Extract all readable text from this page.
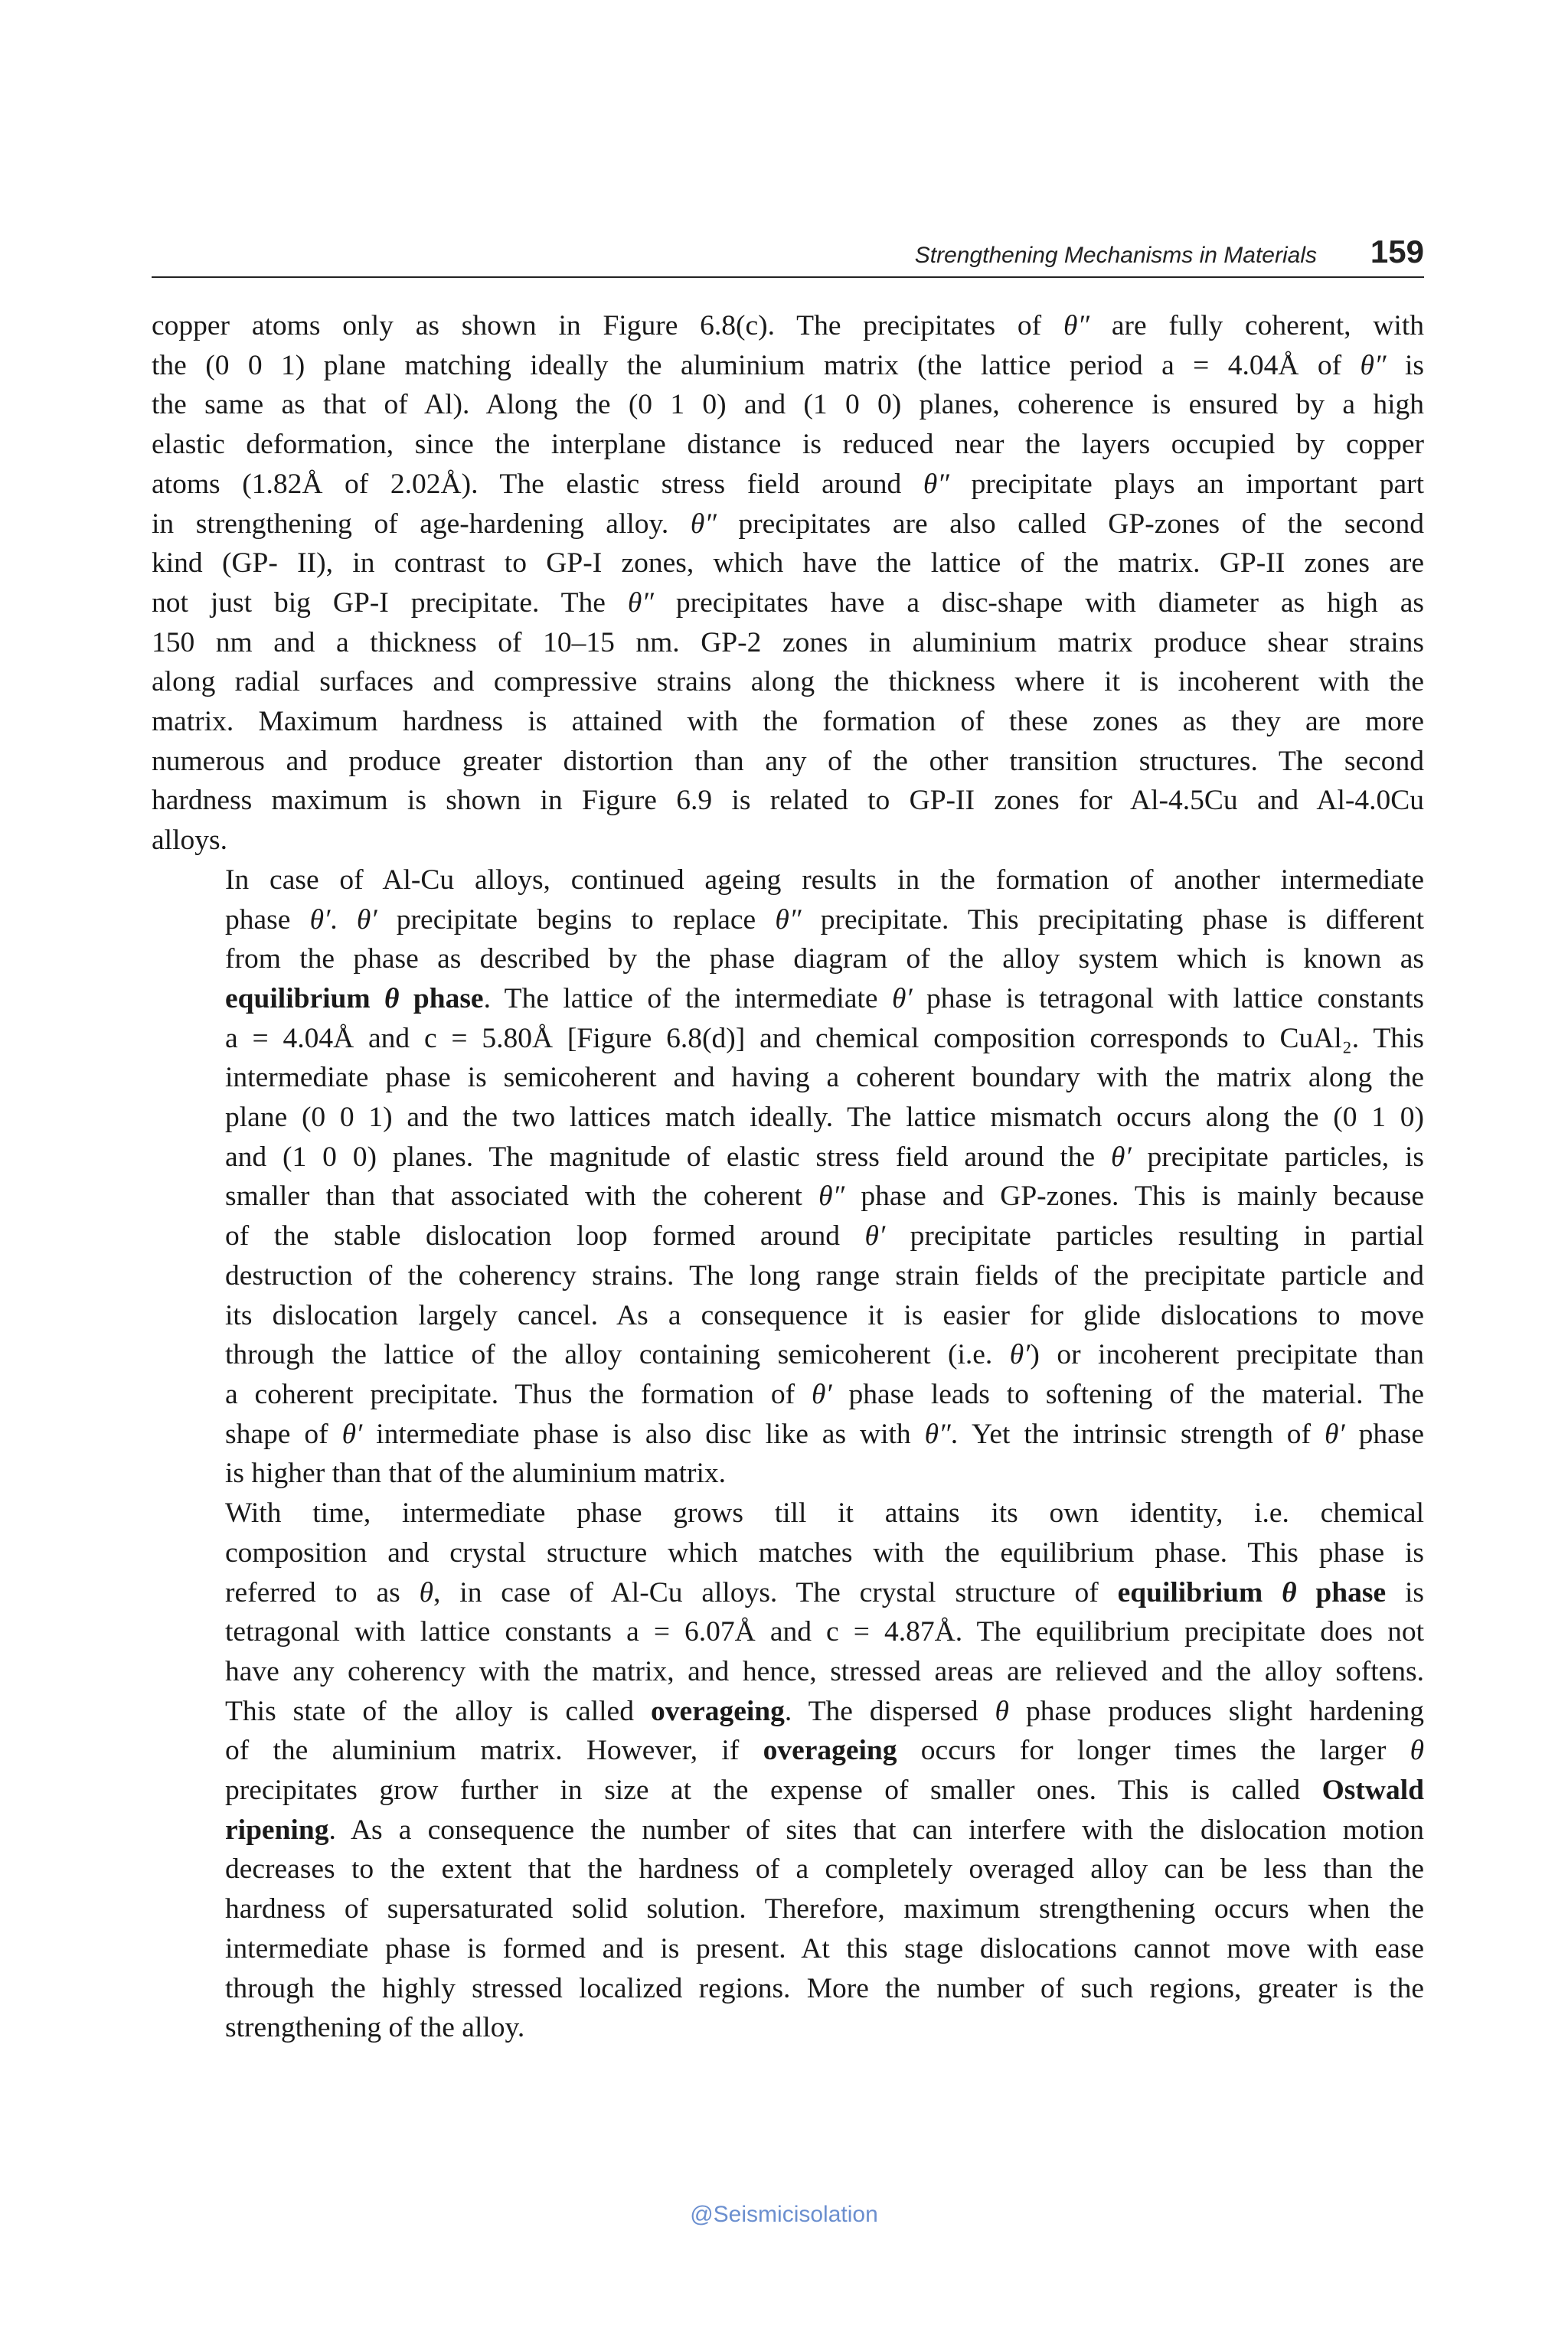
Strengthening Mechanisms in Materials 159

copper atoms only as shown in Figure 6.8(c). The precipitates of θ″ are fully coherent, with
the (0 0 1) plane matching ideally the aluminium matrix (the lattice period a = 4.04Å of θ″ is
the same as that of Al). Along the (0 1 0) and (1 0 0) planes, coherence is ensured by a high
elastic deformation, since the interplane distance is reduced near the layers occupied by copper
atoms (1.82Å of 2.02Å). The elastic stress field around θ″ precipitate plays an important part
in strengthening of age-hardening alloy. θ″ precipitates are also called GP-zones of the second
kind (GP- II), in contrast to GP-I zones, which have the lattice of the matrix. GP-II zones are
not just big GP-I precipitate. The θ″ precipitates have a disc-shape with diameter as high as
150 nm and a thickness of 10–15 nm. GP-2 zones in aluminium matrix produce shear strains
along radial surfaces and compressive strains along the thickness where it is incoherent with the
matrix. Maximum hardness is attained with the formation of these zones as they are more
numerous and produce greater distortion than any of the other transition structures. The second
hardness maximum is shown in Figure 6.9 is related to GP-II zones for Al-4.5Cu and Al-4.0Cu
alloys.

In case of Al-Cu alloys, continued ageing results in the formation of another intermediate
phase θ′. θ′ precipitate begins to replace θ″ precipitate. This precipitating phase is different
from the phase as described by the phase diagram of the alloy system which is known as
equilibrium θ phase. The lattice of the intermediate θ′ phase is tetragonal with lattice constants
a = 4.04Å and c = 5.80Å [Figure 6.8(d)] and chemical composition corresponds to CuAl₂. This
intermediate phase is semicoherent and having a coherent boundary with the matrix along the
plane (0 0 1) and the two lattices match ideally. The lattice mismatch occurs along the (0 1 0)
and (1 0 0) planes. The magnitude of elastic stress field around the θ′ precipitate particles, is
smaller than that associated with the coherent θ″ phase and GP-zones. This is mainly because
of the stable dislocation loop formed around θ′ precipitate particles resulting in partial
destruction of the coherency strains. The long range strain fields of the precipitate particle and
its dislocation largely cancel. As a consequence it is easier for glide dislocations to move
through the lattice of the alloy containing semicoherent (i.e. θ′) or incoherent precipitate than
a coherent precipitate. Thus the formation of θ′ phase leads to softening of the material. The
shape of θ′ intermediate phase is also disc like as with θ″. Yet the intrinsic strength of θ′ phase
is higher than that of the aluminium matrix.

With time, intermediate phase grows till it attains its own identity, i.e. chemical
composition and crystal structure which matches with the equilibrium phase. This phase is
referred to as θ, in case of Al-Cu alloys. The crystal structure of equilibrium θ phase is
tetragonal with lattice constants a = 6.07Å and c = 4.87Å. The equilibrium precipitate does not
have any coherency with the matrix, and hence, stressed areas are relieved and the alloy softens.
This state of the alloy is called overageing. The dispersed θ phase produces slight hardening
of the aluminium matrix. However, if overageing occurs for longer times the larger θ
precipitates grow further in size at the expense of smaller ones. This is called Ostwald
ripening. As a consequence the number of sites that can interfere with the dislocation motion
decreases to the extent that the hardness of a completely overaged alloy can be less than the
hardness of supersaturated solid solution. Therefore, maximum strengthening occurs when the
intermediate phase is formed and is present. At this stage dislocations cannot move with ease
through the highly stressed localized regions. More the number of such regions, greater is the
strengthening of the alloy.

@Seismicisolation
